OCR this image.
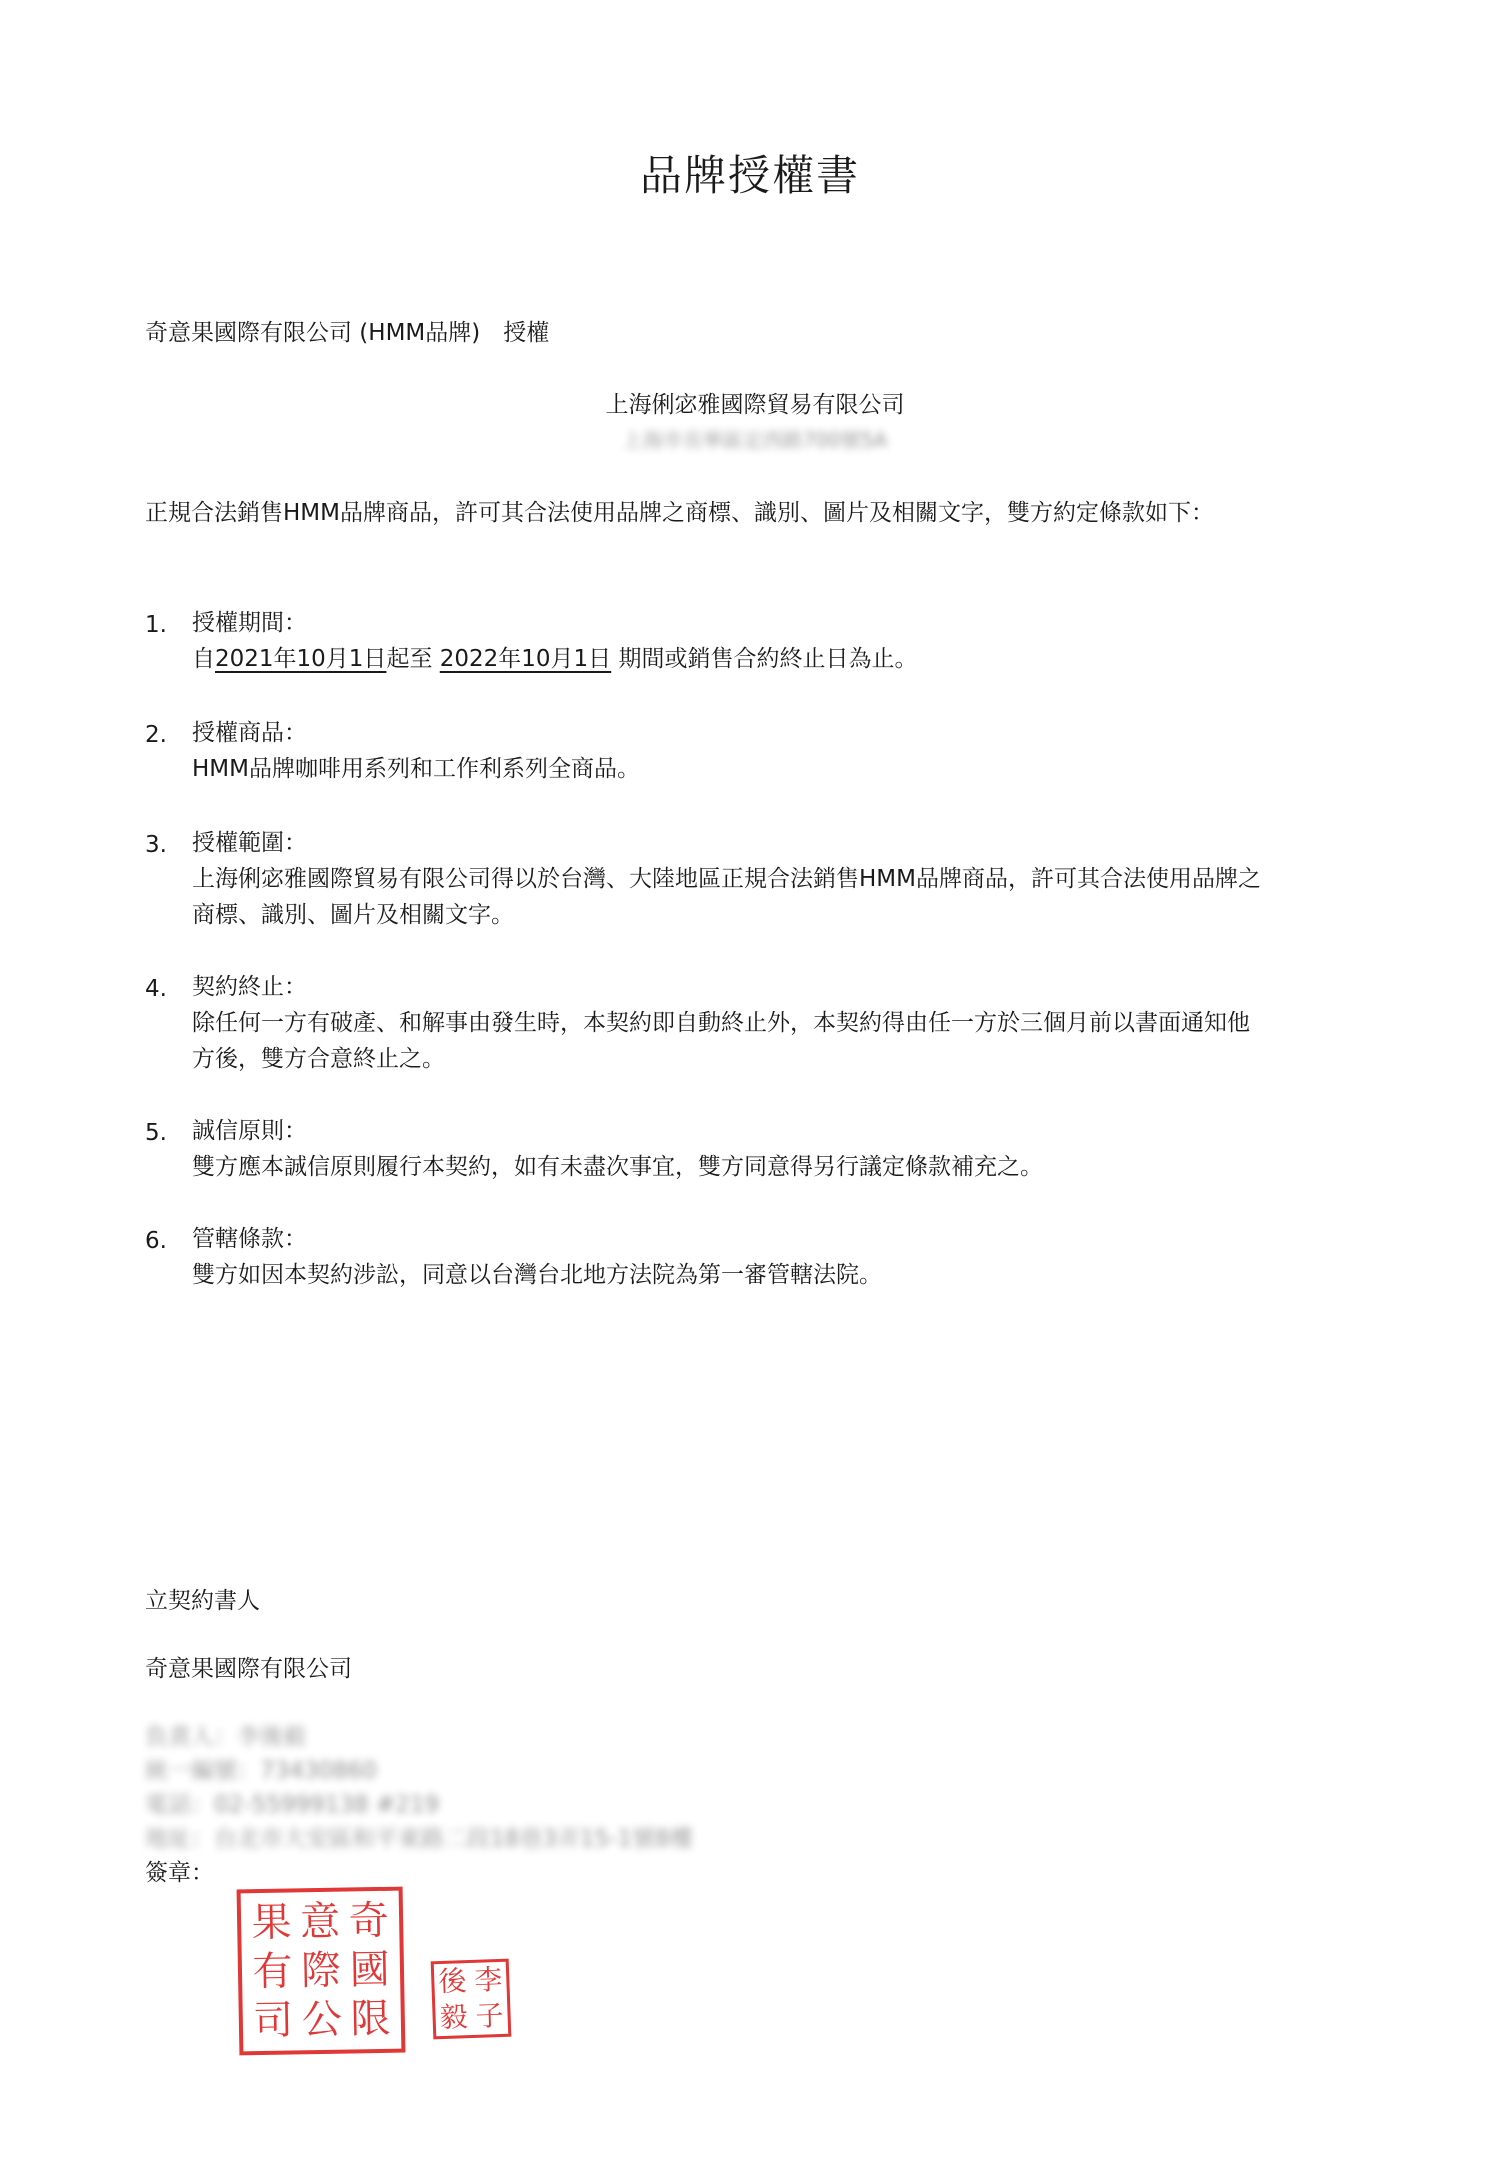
品牌授權書
奇意果國際有限公司 (HMM品牌)　授權
上海俐宓雅國際貿易有限公司
上海市長寧區定西路700號5A
正規合法銷售HMM品牌商品，許可其合法使用品牌之商標、識別、圖片及相關文字，雙方約定條款如下：
1. 授權期間：
自2021年10月1日起至 2022年10月1日 期間或銷售合約終止日為止。
2. 授權商品：
HMM品牌咖啡用系列和工作利系列全商品。
3. 授權範圍：
上海俐宓雅國際貿易有限公司得以於台灣、大陸地區正規合法銷售HMM品牌商品，許可其合法使用品牌之
商標、識別、圖片及相關文字。
4. 契約終止：
除任何一方有破產、和解事由發生時，本契約即自動終止外，本契約得由任一方於三個月前以書面通知他
方後，雙方合意終止之。
5. 誠信原則：
雙方應本誠信原則履行本契約，如有未盡次事宜，雙方同意得另行議定條款補充之。
6. 管轄條款：
雙方如因本契約涉訟，同意以台灣台北地方法院為第一審管轄法院。
立契約書人
奇意果國際有限公司
負責人：李後毅
統一編號：73430860
電話：02-55999138 #219
地址：台北市大安區和平東路二段18巷3弄15-1號8樓
簽章：
果 意 奇
有 際 國
司 公 限
後 李
毅 子
